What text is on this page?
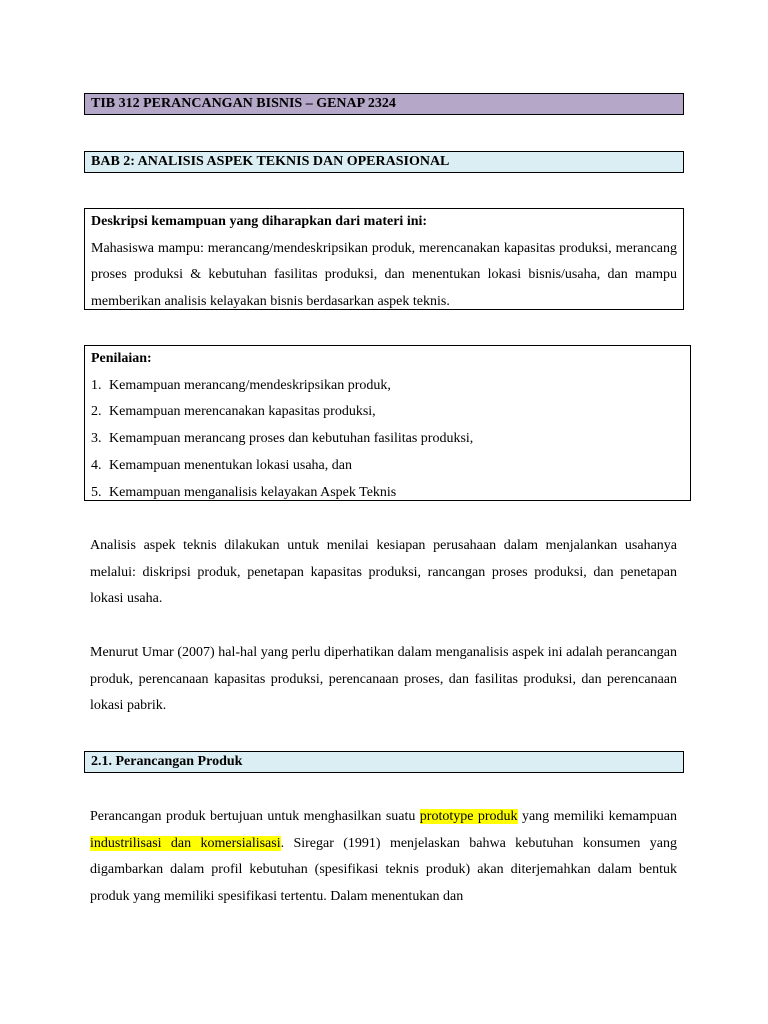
TIB 312 PERANCANGAN BISNIS – GENAP 2324
BAB 2: ANALISIS ASPEK TEKNIS DAN OPERASIONAL

Deskripsi kemampuan yang diharapkan dari materi ini:

Mahasiswa mampu: merancang/mendeskripsikan produk, merencanakan kapasitas produksi, merancang proses produksi & kebutuhan fasilitas produksi, dan menentukan lokasi bisnis/usaha, dan mampu memberikan analisis kelayakan bisnis berdasarkan aspek teknis.

Penilaian:

1. Kemampuan merancang/mendeskripsikan produk,
2. Kemampuan merencanakan kapasitas produksi,
3. Kemampuan merancang proses dan kebutuhan fasilitas produksi,
4. Kemampuan menentukan lokasi usaha, dan
5. Kemampuan menganalisis kelayakan Aspek Teknis

Analisis aspek teknis dilakukan untuk menilai kesiapan perusahaan dalam menjalankan usahanya melalui: diskripsi produk, penetapan kapasitas produksi, rancangan proses produksi, dan penetapan lokasi usaha.

Menurut Umar (2007) hal-hal yang perlu diperhatikan dalam menganalisis aspek ini adalah perancangan produk, perencanaan kapasitas produksi, perencanaan proses, dan fasilitas produksi, dan perencanaan lokasi pabrik.

2.1. Perancangan Produk

Perancangan produk bertujuan untuk menghasilkan suatu prototype produk yang memiliki kemampuan industrilisasi dan komersialisasi. Siregar (1991) menjelaskan bahwa kebutuhan konsumen yang digambarkan dalam profil kebutuhan (spesifikasi teknis produk) akan diterjemahkan dalam bentuk produk yang memiliki spesifikasi tertentu. Dalam menentukan dan
